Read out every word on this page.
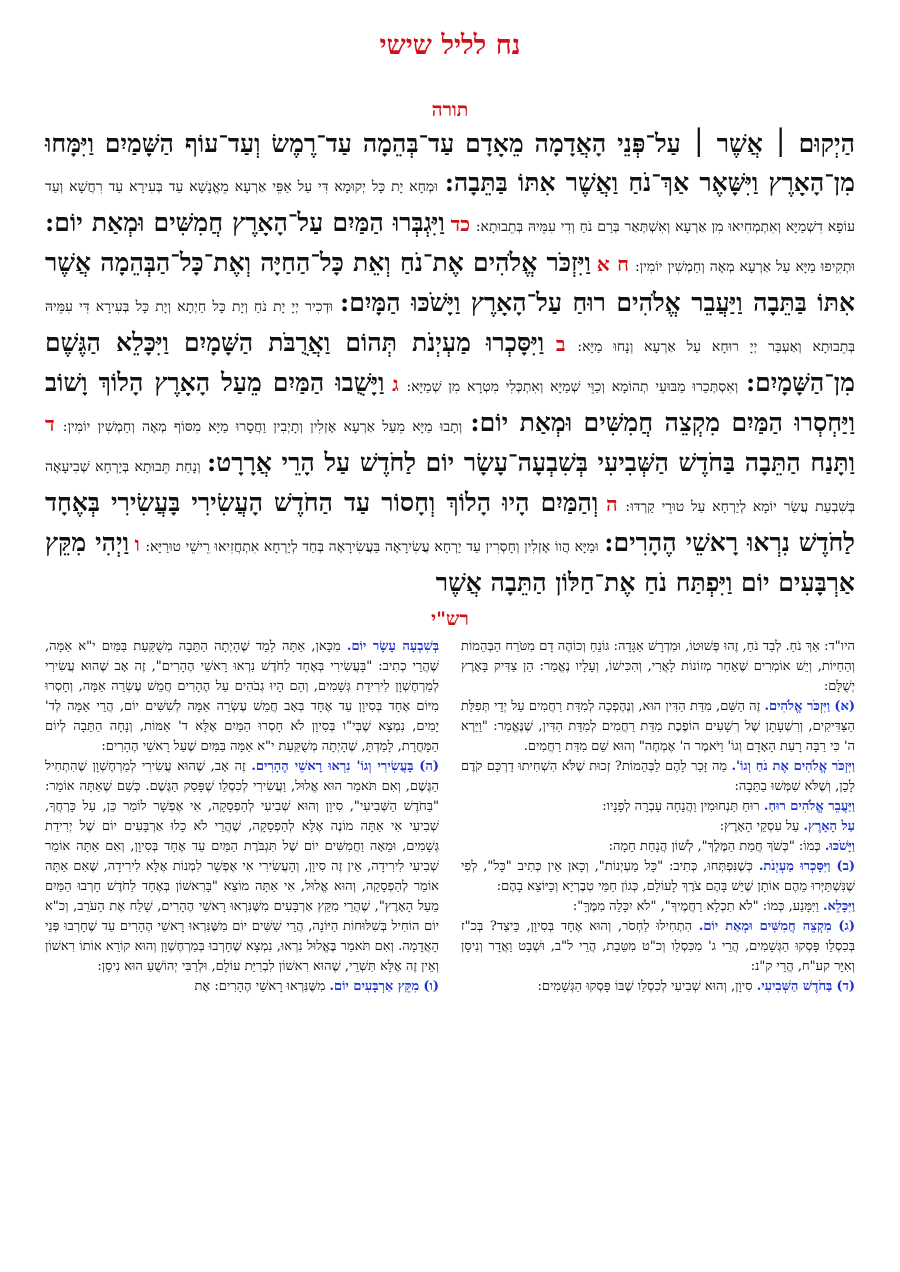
נח לליל שישי
תורה
הַיְקוּם ׀ אֲשֶׁר ׀ עַל־פְּנֵי הָאֲדָמָה מֵאָדָם עַד־בְּהֵמָה עַד־רֶמֶשׂ וְעַד־עוֹף הַשָּׁמַיִם וַיִּמָּחוּ מִן־הָאָרֶץ וַיִּשָּׁאֶר אַךְ־נֹחַ וַאֲשֶׁר אִתּוֹ בַּתֵּבָה: וּמְחָא יָת כָּל יְקוּמָא דִּי עַל אַפֵּי אַרְעָא מֵאֱנָשָׁא עַד בְּעִירָא עַד רִחֲשָׁא וְעַד עוֹפָא דִשְׁמַיָּא וְאִתְמְחִיאוּ מִן אַרְעָא וְאִשְׁתְּאַר בְּרַם נֹחַ וְדִי עִמֵּיהּ בְּתֵבוּתָא: כד וַיִּגְבְּרוּ הַמַּיִם עַל־הָאָרֶץ חֲמִשִּׁים וּמְאַת יוֹם: וּתְקִיפוּ מַיָּא עַל אַרְעָא מְאָה וְחַמְשִׁין יוֹמִין: ח א וַיִּזְכֹּר אֱלֹהִים אֶת־נֹחַ וְאֵת כָּל־הַחַיָּה וְאֶת־כָּל־הַבְּהֵמָה אֲשֶׁר אִתּוֹ בַּתֵּבָה וַיַּעֲבֵר אֱלֹהִים רוּחַ עַל־הָאָרֶץ וַיָּשֹׁכּוּ הַמָּיִם: וּדְכִיר יְיָ יָת נֹחַ וְיָת כָּל חַיְתָא וְיָת כָּל בְּעִירָא דִּי עִמֵּיהּ בְּתֵבוּתָא וְאַעְבַּר יְיָ רוּחָא עַל אַרְעָא וְנָחוּ מַיָּא: ב וַיִּסָּכְרוּ מַעְיְנֹת תְּהוֹם וַאֲרֻבֹּת הַשָּׁמָיִם וַיִּכָּלֵא הַגֶּשֶׁם מִן־הַשָּׁמָיִם: וְאִסְתְּכַרוּ מַבּוּעֵי תְהוֹמָא וְכַוֵּי שְׁמַיָּא וְאִתְכְּלִי מִטְרָא מִן שְׁמַיָּא: ג וַיָּשֻׁבוּ הַמַּיִם מֵעַל הָאָרֶץ הָלוֹךְ וָשׁוֹב וַיַּחְסְרוּ הַמַּיִם מִקְצֵה חֲמִשִּׁים וּמְאַת יוֹם: וְתָבוּ מַיָּא מֵעַל אַרְעָא אָזְלִין וְתָיְבִין וַחֲסָרוּ מַיָּא מִסּוֹף מְאָה וְחַמְשִׁין יוֹמִין: ד וַתָּנַח הַתֵּבָה בַּחֹדֶשׁ הַשְּׁבִיעִי בְּשִׁבְעָה־עָשָׂר יוֹם לַחֹדֶשׁ עַל הָרֵי אֲרָרָט: וְנָחַת תֵּבוּתָא בְּיַרְחָא שְׁבִיעָאָה בְּשִׁבְעַת עֲשַׂר יוֹמָא לְיַרְחָא עַל טוּרֵי קַרְדּוּ: ה וְהַמַּיִם הָיוּ הָלוֹךְ וְחָסוֹר עַד הַחֹדֶשׁ הָעֲשִׂירִי בָּעֲשִׂירִי בְּאֶחָד לַחֹדֶשׁ נִרְאוּ רָאשֵׁי הֶהָרִים: וּמַיָּא הֲווֹ אָזְלִין וְחָסְרִין עַד יַרְחָא עֲשִׂירָאָה בַּעֲשִׂירָאָה בְּחַד לְיַרְחָא אִתְחֲזִיאוּ רֵישֵׁי טוּרַיָּא: ו וַיְהִי מִקֵּץ אַרְבָּעִים יוֹם וַיִּפְתַּח נֹחַ אֶת־חַלּוֹן הַתֵּבָה אֲשֶׁר
רש"י

היו"ד: אַךְ נֹחַ. לְבַד נֹחַ, זֶהוּ פְּשׁוּטוֹ, וּמִדְרָשׁ אַגָּדָה: גּוֹנֵחַ וְכוֹהֶה דָם מִטֹּרַח הַבְּהֵמוֹת וְהַחַיּוֹת, וְיֵשׁ אוֹמְרִים שֶׁאֵחַר מְזוֹנוֹת לָאֲרִי, וְהִכִּישׁוֹ, וְעָלָיו נֶאֱמַר: הֵן צַדִּיק בָּאָרֶץ יְשֻׁלָּם:

(א) וַיִּזְכֹּר אֱלֹהִים. זֶה הַשֵּׁם, מִדַּת הַדִּין הוּא, וְנֶהֶפְכָה לְמִדַּת רַחֲמִים עַל יְדֵי תְּפִלַּת הַצַּדִּיקִים, וְרִשְׁעָתָן שֶׁל רְשָׁעִים הוֹפֶכֶת מִדַּת רַחֲמִים לְמִדַּת הַדִּין, שֶׁנֶּאֱמַר: "וַיַּרְא ה' כִּי רַבָּה רָעַת הָאָדָם וְגוֹ' וַיֹּאמֶר ה' אֶמְחֶה" וְהוּא שֵׁם מִדַּת רַחֲמִים.

וַיִּזְכֹּר אֱלֹהִים אֶת נֹחַ וְגוֹ'. מַה זָּכַר לָהֶם לַבְּהֵמוֹת? זְכוּת שֶׁלֹּא הִשְׁחִיתוּ דַרְכָּם קֹדֶם לָכֵן, וְשֶׁלֹּא שִׁמְּשׁוּ בַתֵּבָה:

וַיַּעֲבֵר אֱלֹהִים רוּחַ. רוּחַ תַּנְחוּמִין וַהֲנָחָה עָבְרָה לְפָנָיו:

עַל הָאָרֶץ. עַל עִסְקֵי הָאָרֶץ:

וַיָּשֹׁכּוּ. כְּמוֹ: "כְּשֹׁךְ חֲמַת הַמֶּלֶךְ", לְשׁוֹן הֲנָחַת חֵמָה:

(ב) וַיִּסָּכְרוּ מַעְיְנֹת. כְּשֶׁנִּפְתְּחוּ, כְּתִיב: "כָּל מַעְיְנוֹת", וְכָאן אֵין כְּתִיב "כָּל", לְפִי שֶׁנִּשְׁתַּיְּרוּ מֵהֶם אוֹתָן שֶׁיֵּשׁ בָּהֶם צֹרֶךְ לָעוֹלָם, כְּגוֹן חַמֵּי טְבֶרְיָא וְכַיּוֹצֵא בָהֶם:

וַיִּכָּלֵא. וַיִּמָּנַע, כְּמוֹ: "לֹא תִכְלָא רַחֲמֶיךָ", "לֹא יִכָּלֵה מִמֶּךָּ":

(ג) מִקְצֵה חֲמִשִּׁים וּמְאַת יוֹם. הִתְחִילוּ לַחְסֹר, וְהוּא אֶחָד בְּסִיוָן, כֵּיצַד? בְּכ"ז בְּכִסְלֵו פָּסְקוּ הַגְּשָׁמִים, הֲרֵי ג' מִכִּסְלֵו וְכ"ט מִטֵּבֵת, הֲרֵי ל"ב, וּשְׁבָט וַאֲדָר וְנִיסָן וְאִיָּר קע"ח, הֲרֵי ק"נ:

(ד) בַּחֹדֶשׁ הַשְּׁבִיעִי. סִיוָן, וְהוּא שְׁבִיעִי לְכִסְלֵו שֶׁבּוֹ פָּסְקוּ הַגְּשָׁמִים:

בְּשִׁבְעָה עָשָׂר יוֹם. מִכָּאן, אַתָּה לָמֵד שֶׁהָיְתָה הַתֵּבָה מְשֻׁקַּעַת בַּמַּיִם י"א אַמָּה, שֶׁהֲרֵי כְתִיב: "בָּעֲשִׂירִי בְּאֶחָד לַחֹדֶשׁ נִרְאוּ רָאשֵׁי הֶהָרִים", זֶה אָב שֶׁהוּא עֲשִׂירִי לְמַרְחֶשְׁוָן לִירִידַת גְּשָׁמִים, וְהֵם הָיוּ גְבֹהִים עַל הֶהָרִים חֲמֵשׁ עֶשְׂרֵה אַמָּה, וְחָסְרוּ מִיּוֹם אֶחָד בְּסִיוָן עַד אֶחָד בְּאָב חֲמֵשׁ עֶשְׂרֵה אַמָּה לְשִׁשִּׁים יוֹם, הֲרֵי אַמָּה לְד' יָמִים, נִמְצָא שֶׁבְּי"ו בְּסִיוָן לֹא חָסְרוּ הַמַּיִם אֶלָּא ד' אַמּוֹת, וְנָחָה הַתֵּבָה לְיוֹם הַמָּחֳרָת, לָמַדְתָּ, שֶׁהָיְתָה מְשֻׁקַּעַת י"א אַמָּה בַּמַּיִם שֶׁעַל רָאשֵׁי הֶהָרִים:

(ה) בָּעֲשִׂירִי וְגוֹ' נִרְאוּ רָאשֵׁי הֶהָרִים. זֶה אָב, שֶׁהוּא עֲשִׂירִי לְמַרְחֶשְׁוָן שֶׁהִתְחִיל הַגֶּשֶׁם, וְאִם תֹּאמַר הוּא אֱלוּל, וַעֲשִׂירִי לְכִסְלֵו שֶׁפָּסַק הַגֶּשֶׁם. כְּשֵׁם שֶׁאַתָּה אוֹמֵר: "בַּחֹדֶשׁ הַשְּׁבִיעִי", סִיוָן וְהוּא שְׁבִיעִי לְהַפְסָקָה, אִי אֶפְשָׁר לוֹמַר כֵּן, עַל כָּרְחֲךָ, שְׁבִיעִי אִי אַתָּה מוֹנֶה אֶלָּא לְהַפְסָקָה, שֶׁהֲרֵי לֹא כָלוּ אַרְבָּעִים יוֹם שֶׁל יְרִידַת גְּשָׁמִים, וּמֵאָה וַחֲמִשִּׁים יוֹם שֶׁל תִּגְבֹּרֶת הַמַּיִם עַד אֶחָד בְּסִיוָן, וְאִם אַתָּה אוֹמֵר שְׁבִיעִי לִירִידָה, אֵין זֶה סִיוָן, וְהָעֲשִׂירִי אִי אֶפְשָׁר לִמְנוֹת אֶלָּא לִירִידָה, שֶׁאִם אַתָּה אוֹמֵר לְהַפְסָקָה, וְהוּא אֱלוּל, אִי אַתָּה מוֹצֵא "בָּרִאשׁוֹן בְּאֶחָד לַחֹדֶשׁ חָרְבוּ הַמַּיִם מֵעַל הָאָרֶץ", שֶׁהֲרֵי מִקֵּץ אַרְבָּעִים מִשֶּׁנִּרְאוּ רָאשֵׁי הֶהָרִים, שָׁלַח אֶת הָעֹרֵב, וְכ"א יוֹם הוֹחִיל בְּשִׁלּוּחוֹת הַיּוֹנָה, הֲרֵי שִׁשִּׁים יוֹם מִשֶּׁנִּרְאוּ רָאשֵׁי הֶהָרִים עַד שֶׁחָרְבוּ פְּנֵי הָאֲדָמָה. וְאִם תֹּאמַר בֶּאֱלוּל נִרְאוּ, נִמְצָא שֶׁחָרְבוּ בְּמַרְחֶשְׁוָן וְהוּא קוֹרֵא אוֹתוֹ רִאשׁוֹן וְאֵין זֶה אֶלָּא תִּשְׁרֵי, שֶׁהוּא רִאשׁוֹן לִבְרִיַּת עוֹלָם, וּלְרַבִּי יְהוֹשֻׁעַ הוּא נִיסָן:

(ו) מִקֵּץ אַרְבָּעִים יוֹם. מִשֶּׁנִּרְאוּ רָאשֵׁי הֶהָרִים: אֶת
